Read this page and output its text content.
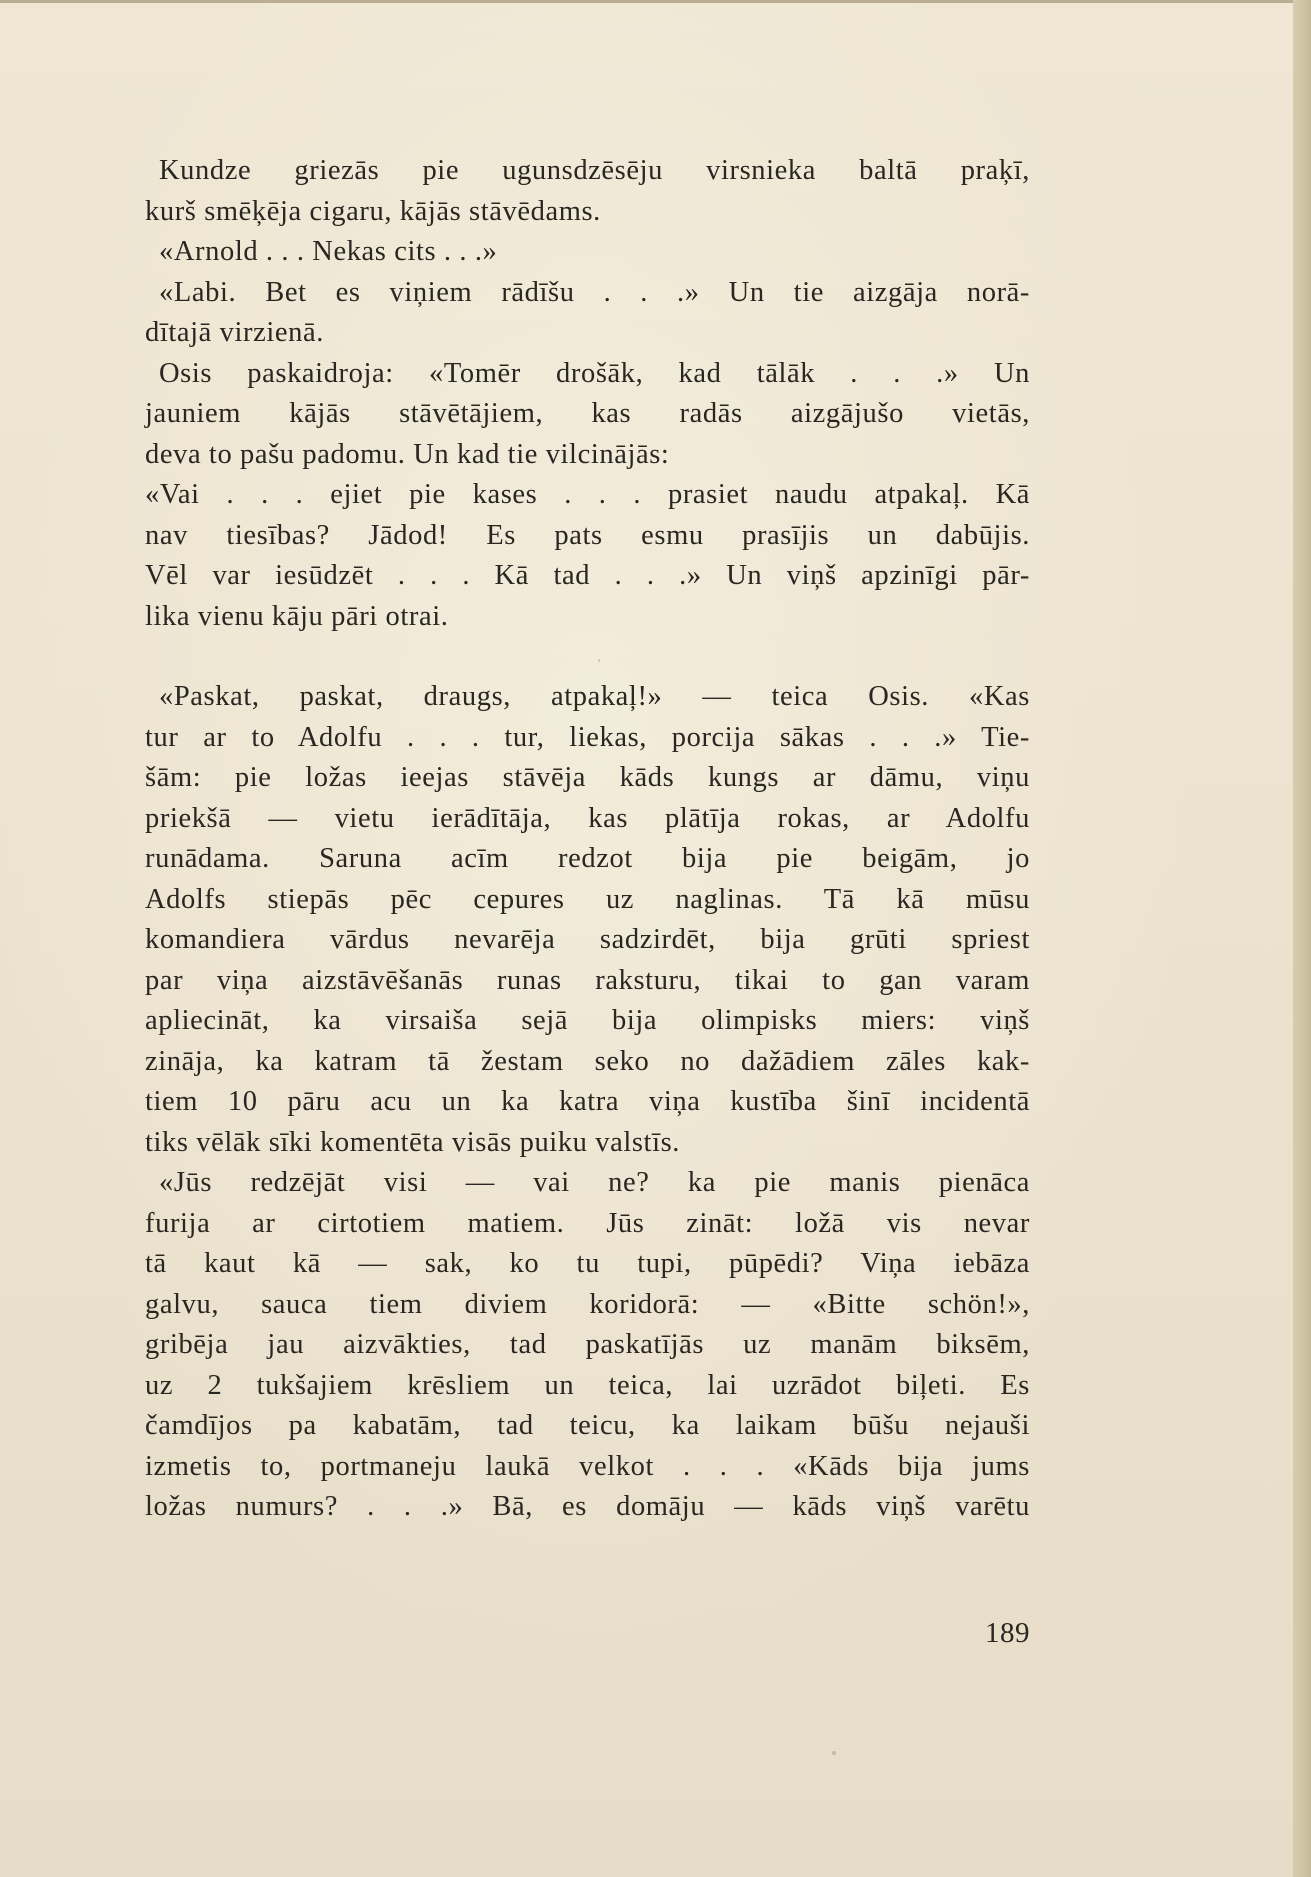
Kundze griezās pie ugunsdzēsēju virsnieka baltā praķī,
kurš smēķēja cigaru, kājās stāvēdams.
«Arnold . . . Nekas cits . . .»
«Labi. Bet es viņiem rādīšu . . .» Un tie aizgāja norā-
dītajā virzienā.
Osis paskaidroja: «Tomēr drošāk, kad tālāk . . .» Un
jauniem kājās stāvētājiem, kas radās aizgājušo vietās,
deva to pašu padomu. Un kad tie vilcinājās:
«Vai . . . ejiet pie kases . . . prasiet naudu atpakaļ. Kā
nav tiesības? Jādod! Es pats esmu prasījis un dabūjis.
Vēl var iesūdzēt . . . Kā tad . . .» Un viņš apzinīgi pār-
lika vienu kāju pāri otrai.
«Paskat, paskat, draugs, atpakaļ!» — teica Osis. «Kas
tur ar to Adolfu . . . tur, liekas, porcija sākas . . .» Tie-
šām: pie ložas ieejas stāvēja kāds kungs ar dāmu, viņu
priekšā — vietu ierādītāja, kas plātīja rokas, ar Adolfu
runādama. Saruna acīm redzot bija pie beigām, jo
Adolfs stiepās pēc cepures uz naglinas. Tā kā mūsu
komandiera vārdus nevarēja sadzirdēt, bija grūti spriest
par viņa aizstāvēšanās runas raksturu, tikai to gan varam
apliecināt, ka virsaiša sejā bija olimpisks miers: viņš
zināja, ka katram tā žestam seko no dažādiem zāles kak-
tiem 10 pāru acu un ka katra viņa kustība šinī incidentā
tiks vēlāk sīki komentēta visās puiku valstīs.
«Jūs redzējāt visi — vai ne? ka pie manis pienāca
furija ar cirtotiem matiem. Jūs zināt: ložā vis nevar
tā kaut kā — sak, ko tu tupi, pūpēdi? Viņa iebāza
galvu, sauca tiem diviem koridorā: — «Bitte schön!»,
gribēja jau aizvākties, tad paskatījās uz manām biksēm,
uz 2 tukšajiem krēsliem un teica, lai uzrādot biļeti. Es
čamdījos pa kabatām, tad teicu, ka laikam būšu nejauši
izmetis to, portmaneju laukā velkot . . . «Kāds bija jums
ložas numurs? . . .» Bā, es domāju — kāds viņš varētu
189
